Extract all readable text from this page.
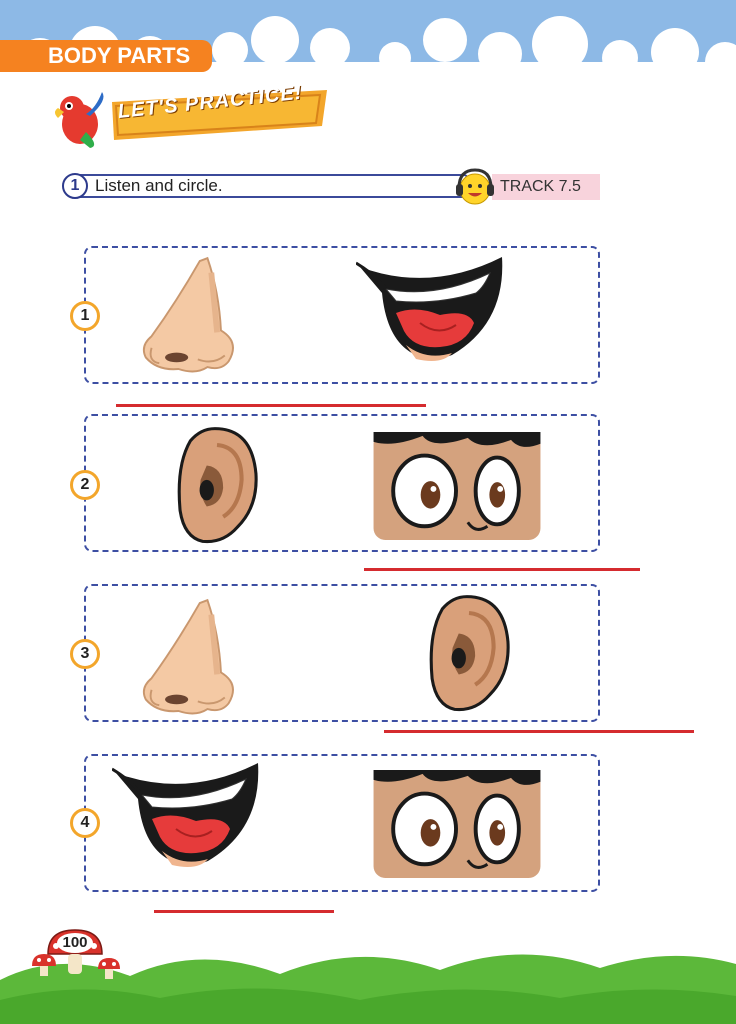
BODY PARTS
LET'S PRACTICE!
1 Listen and circle.	TRACK 7.5
1
2
3
4
100
